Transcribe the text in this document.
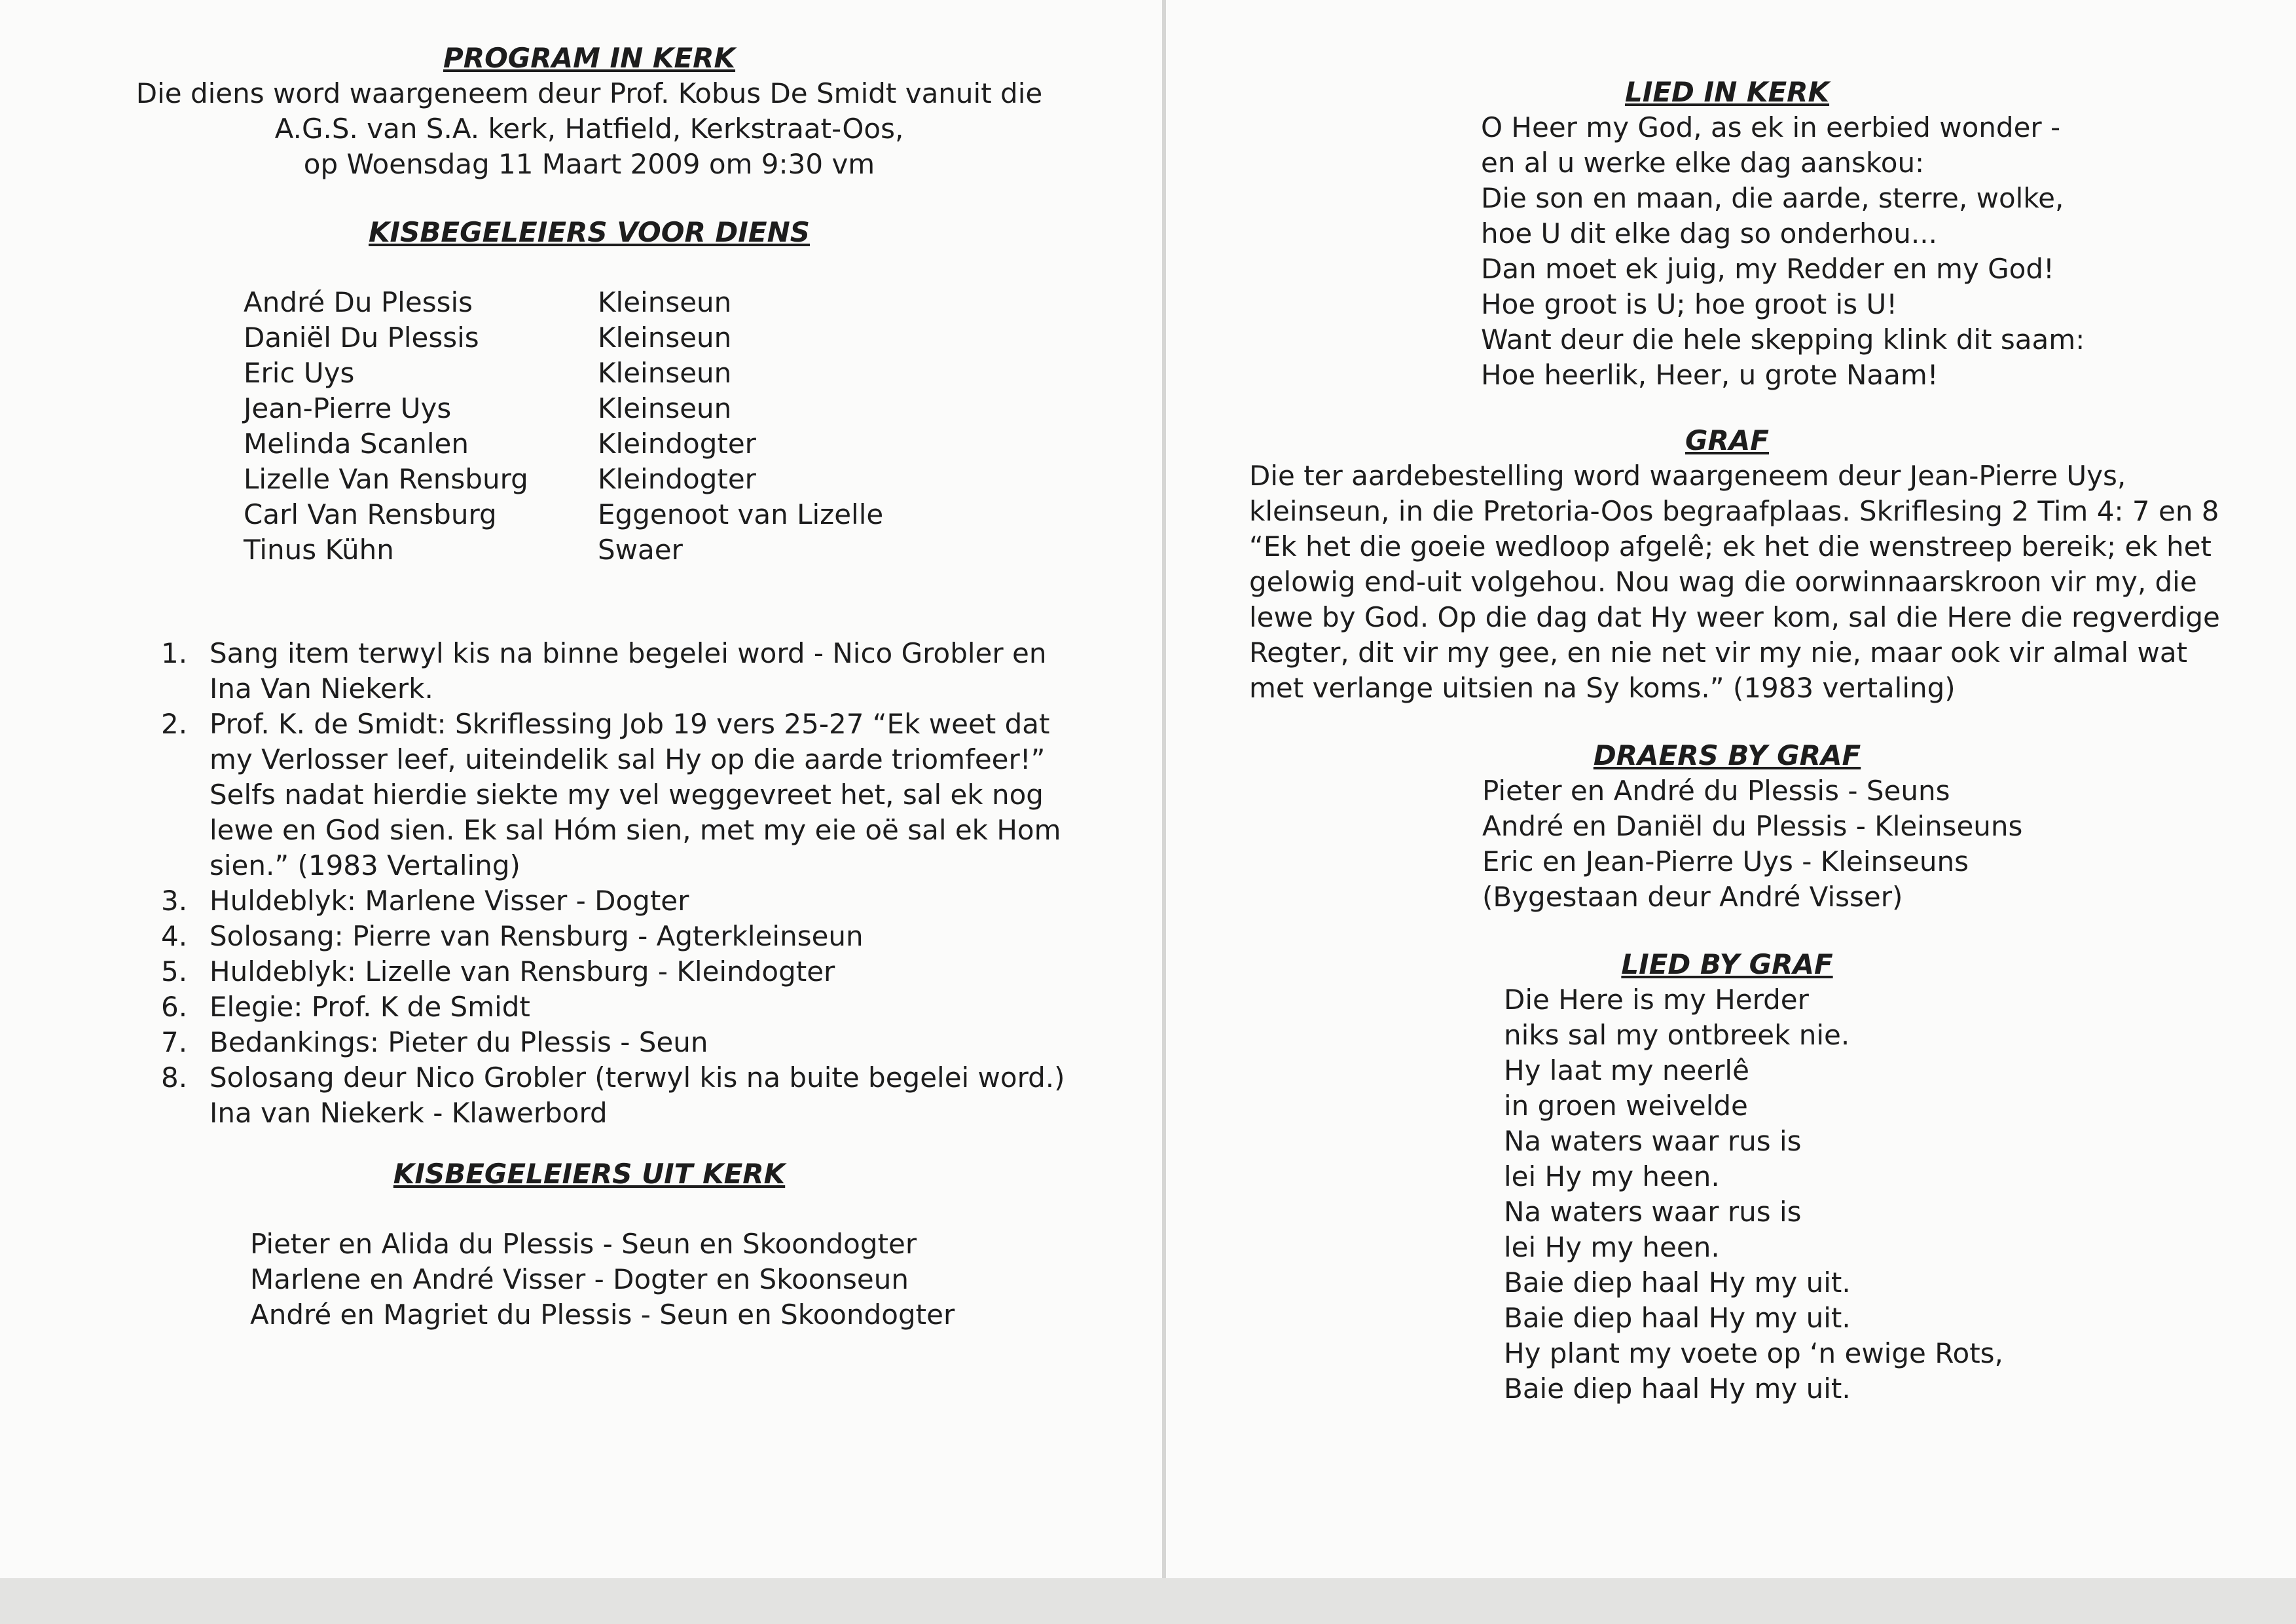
PROGRAM IN KERK
Die diens word waargeneem deur Prof. Kobus De Smidt vanuit die
A.G.S. van S.A. kerk, Hatfield, Kerkstraat-Oos,
op Woensdag 11 Maart 2009 om 9:30 vm
KISBEGELEIERS VOOR DIENS
André Du Plessis	Kleinseun
Daniël Du Plessis	Kleinseun
Eric Uys	Kleinseun
Jean-Pierre Uys	Kleinseun
Melinda Scanlen	Kleindogter
Lizelle Van Rensburg	Kleindogter
Carl Van Rensburg	Eggenoot van Lizelle
Tinus Kühn	Swaer
1. Sang item terwyl kis na binne begelei word - Nico Grobler en
Ina Van Niekerk.
2. Prof. K. de Smidt: Skriflessing Job 19 vers 25-27 “Ek weet dat
my Verlosser leef, uiteindelik sal Hy op die aarde triomfeer!”
Selfs nadat hierdie siekte my vel weggevreet het, sal ek nog
lewe en God sien. Ek sal Hóm sien, met my eie oë sal ek Hom
sien.” (1983 Vertaling)
3. Huldeblyk: Marlene Visser - Dogter
4. Solosang: Pierre van Rensburg - Agterkleinseun
5. Huldeblyk: Lizelle van Rensburg - Kleindogter
6. Elegie: Prof. K de Smidt
7. Bedankings: Pieter du Plessis - Seun
8. Solosang deur Nico Grobler (terwyl kis na buite begelei word.)
Ina van Niekerk - Klawerbord
KISBEGELEIERS UIT KERK
Pieter en Alida du Plessis - Seun en Skoondogter
Marlene en André Visser - Dogter en Skoonseun
André en Magriet du Plessis - Seun en Skoondogter
LIED IN KERK
O Heer my God, as ek in eerbied wonder -
en al u werke elke dag aanskou:
Die son en maan, die aarde, sterre, wolke,
hoe U dit elke dag so onderhou...
Dan moet ek juig, my Redder en my God!
Hoe groot is U; hoe groot is U!
Want deur die hele skepping klink dit saam:
Hoe heerlik, Heer, u grote Naam!
GRAF
Die ter aardebestelling word waargeneem deur Jean-Pierre Uys,
kleinseun, in die Pretoria-Oos begraafplaas. Skriflesing 2 Tim 4: 7 en 8
“Ek het die goeie wedloop afgelê; ek het die wenstreep bereik; ek het
gelowig end-uit volgehou. Nou wag die oorwinnaarskroon vir my, die
lewe by God. Op die dag dat Hy weer kom, sal die Here die regverdige
Regter, dit vir my gee, en nie net vir my nie, maar ook vir almal wat
met verlange uitsien na Sy koms.” (1983 vertaling)
DRAERS BY GRAF
Pieter en André du Plessis - Seuns
André en Daniël du Plessis - Kleinseuns
Eric en Jean-Pierre Uys - Kleinseuns
(Bygestaan deur André Visser)
LIED BY GRAF
Die Here is my Herder
niks sal my ontbreek nie.
Hy laat my neerlê
in groen weivelde
Na waters waar rus is
lei Hy my heen.
Na waters waar rus is
lei Hy my heen.
Baie diep haal Hy my uit.
Baie diep haal Hy my uit.
Hy plant my voete op ‘n ewige Rots,
Baie diep haal Hy my uit.
